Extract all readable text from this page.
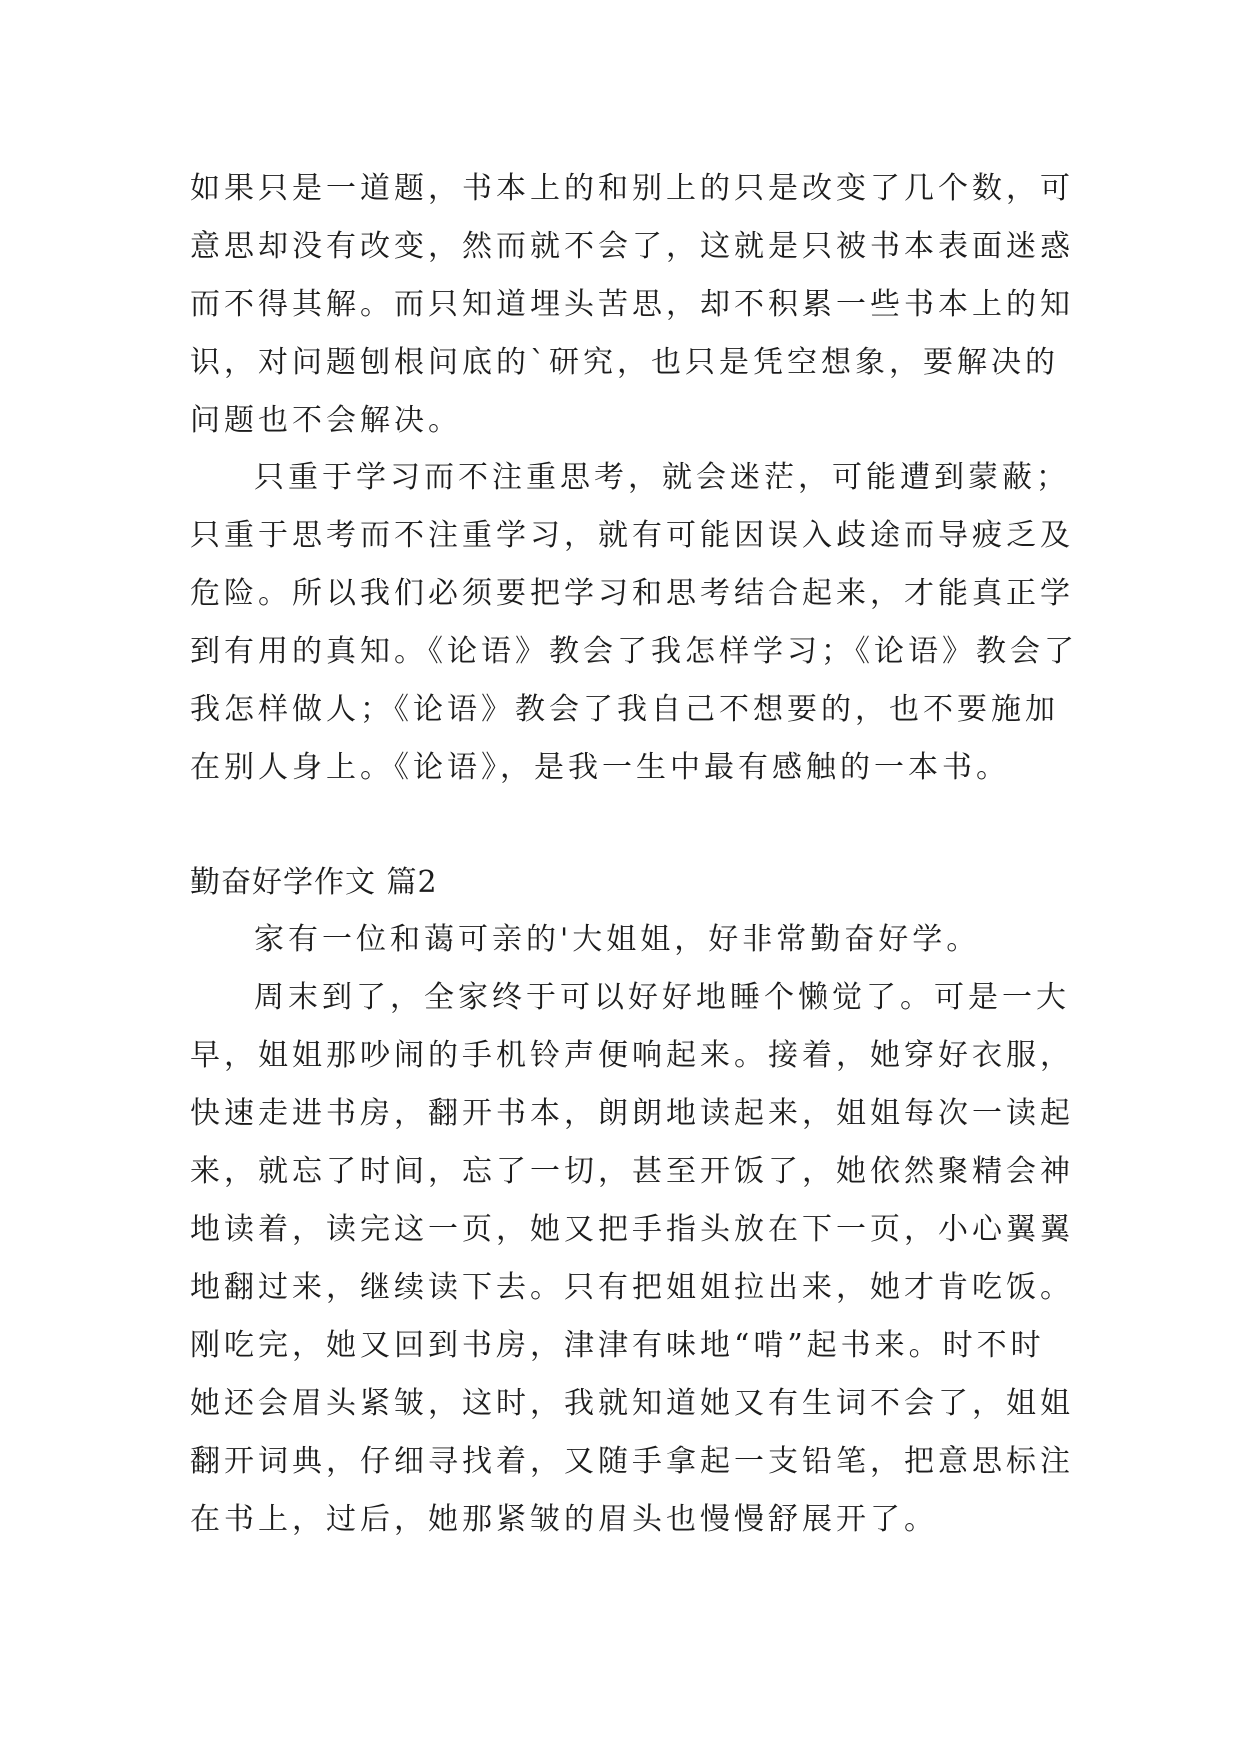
如果只是一道题，书本上的和别上的只是改变了几个数，可
意思却没有改变，然而就不会了，这就是只被书本表面迷惑
而不得其解。而只知道埋头苦思，却不积累一些书本上的知
识，对问题刨根问底的`研究，也只是凭空想象，要解决的
问题也不会解决。
只重于学习而不注重思考，就会迷茫，可能遭到蒙蔽；
只重于思考而不注重学习，就有可能因误入歧途而导疲乏及
危险。所以我们必须要把学习和思考结合起来，才能真正学
到有用的真知。《论语》教会了我怎样学习；《论语》教会了
我怎样做人；《论语》教会了我自己不想要的，也不要施加
在别人身上。《论语》，是我一生中最有感触的一本书。
勤奋好学作文 篇2
家有一位和蔼可亲的'大姐姐，好非常勤奋好学。
周末到了，全家终于可以好好地睡个懒觉了。可是一大
早，姐姐那吵闹的手机铃声便响起来。接着，她穿好衣服，
快速走进书房，翻开书本，朗朗地读起来，姐姐每次一读起
来，就忘了时间，忘了一切，甚至开饭了，她依然聚精会神
地读着，读完这一页，她又把手指头放在下一页，小心翼翼
地翻过来，继续读下去。只有把姐姐拉出来，她才肯吃饭。
刚吃完，她又回到书房，津津有味地“啃”起书来。时不时
她还会眉头紧皱，这时，我就知道她又有生词不会了，姐姐
翻开词典，仔细寻找着，又随手拿起一支铅笔，把意思标注
在书上，过后，她那紧皱的眉头也慢慢舒展开了。
